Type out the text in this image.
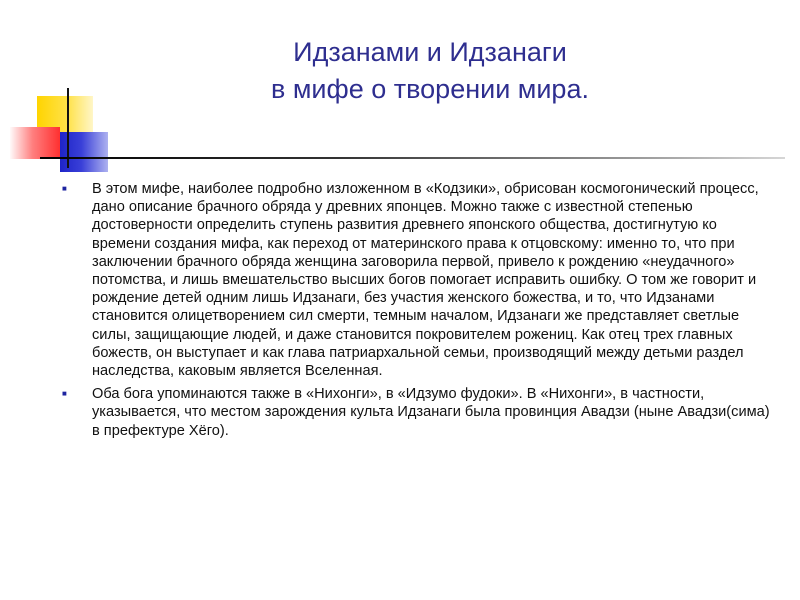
Идзанами и Идзанаги
в мифе о творении мира.
■	В этом мифе, наиболее подробно изложенном в «Кодзики», обрисован космогонический процесс, дано описание брачного обряда у древних японцев. Можно также с известной степенью достоверности определить ступень развития древнего японского общества, достигнутую ко времени создания мифа, как переход от материнского права к отцовскому: именно то, что при заключении брачного обряда женщина заговорила первой, привело к рождению «неудачного» потомства, и лишь вмешательство высших богов помогает исправить ошибку. О том же говорит и рождение детей одним лишь Идзанаги, без участия женского божества, и то, что Идзанами становится олицетворением сил смерти, темным началом, Идзанаги же представляет светлые силы, защищающие людей, и даже становится покровителем рожениц. Как отец трех главных божеств, он выступает и как глава патриархальной семьи, производящий между детьми раздел наследства, каковым является Вселенная.
■	Оба бога упоминаются также в «Нихонги», в «Идзумо фудоки». В «Нихонги», в частности, указывается, что местом зарождения культа Идзанаги была провинция Авадзи (ныне Авадзи(сима) в префектуре Хёго).
